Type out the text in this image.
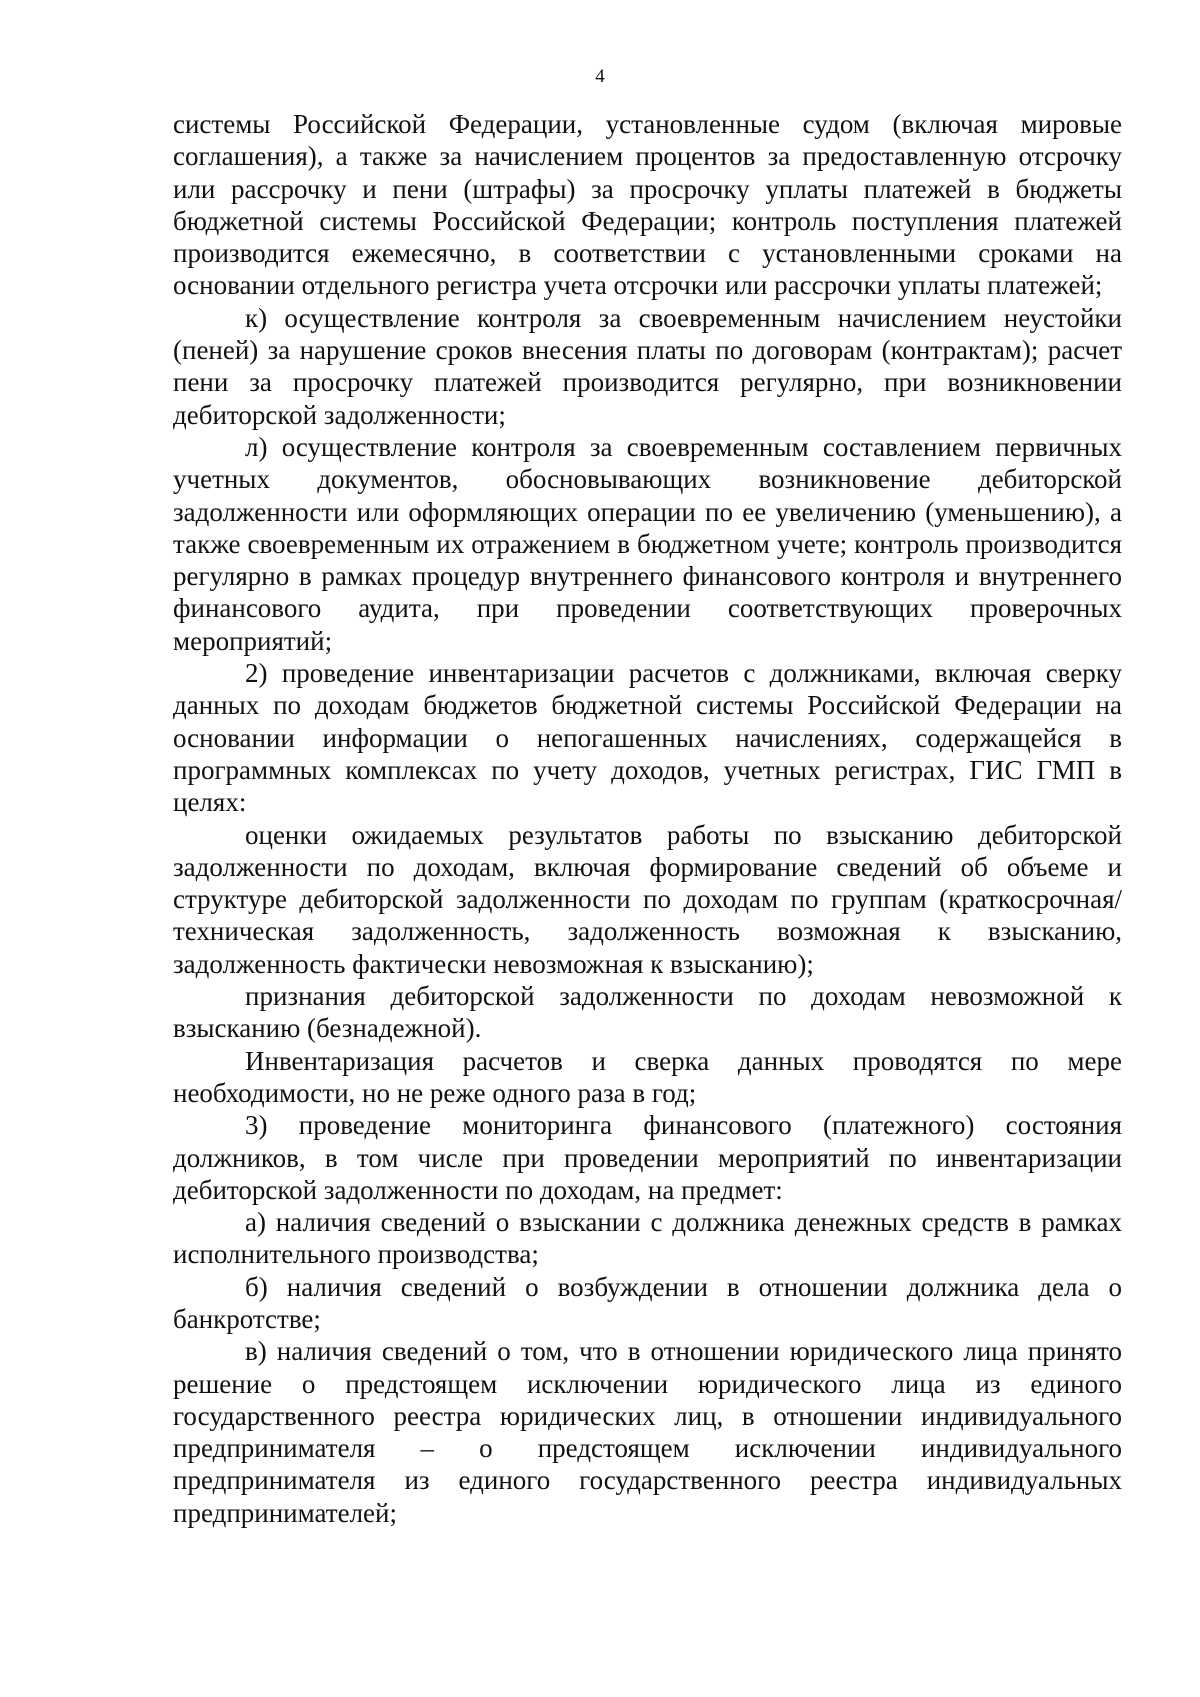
4

системы Российской Федерации, установленные судом (включая мировые соглашения), а также за начислением процентов за предоставленную отсрочку или рассрочку и пени (штрафы) за просрочку уплаты платежей в бюджеты бюджетной системы Российской Федерации; контроль поступления платежей производится ежемесячно, в соответствии с установленными сроками на основании отдельного регистра учета отсрочки или рассрочки уплаты платежей;

к) осуществление контроля за своевременным начислением неустойки (пеней) за нарушение сроков внесения платы по договорам (контрактам); расчет пени за просрочку платежей производится регулярно, при возникновении дебиторской задолженности;

л) осуществление контроля за своевременным составлением первичных учетных документов, обосновывающих возникновение дебиторской задолженности или оформляющих операции по ее увеличению (уменьшению), а также своевременным их отражением в бюджетном учете; контроль производится регулярно в рамках процедур внутреннего финансового контроля и внутреннего финансового аудита, при проведении соответствующих проверочных мероприятий;

2) проведение инвентаризации расчетов с должниками, включая сверку данных по доходам бюджетов бюджетной системы Российской Федерации на основании информации о непогашенных начислениях, содержащейся в программных комплексах по учету доходов, учетных регистрах, ГИС ГМП в целях:

оценки ожидаемых результатов работы по взысканию дебиторской задолженности по доходам, включая формирование сведений об объеме и структуре дебиторской задолженности по доходам по группам (краткосрочная/техническая задолженность, задолженность возможная к взысканию, задолженность фактически невозможная к взысканию);

признания дебиторской задолженности по доходам невозможной к взысканию (безнадежной).

Инвентаризация расчетов и сверка данных проводятся по мере необходимости, но не реже одного раза в год;

3) проведение мониторинга финансового (платежного) состояния должников, в том числе при проведении мероприятий по инвентаризации дебиторской задолженности по доходам, на предмет:

а) наличия сведений о взыскании с должника денежных средств в рамках исполнительного производства;

б) наличия сведений о возбуждении в отношении должника дела о банкротстве;

в) наличия сведений о том, что в отношении юридического лица принято решение о предстоящем исключении юридического лица из единого государственного реестра юридических лиц, в отношении индивидуального предпринимателя – о предстоящем исключении индивидуального предпринимателя из единого государственного реестра индивидуальных предпринимателей;
